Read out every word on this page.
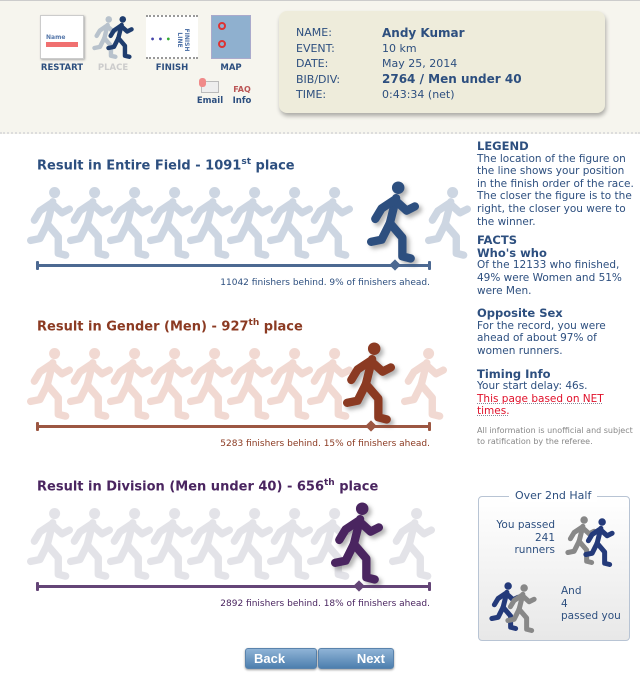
Name
RESTART	PLACE
• • •	FINISH LINE
FINISH	MAP
Email
FAQ
Info
NAME:	Andy Kumar
EVENT:	10 km
DATE:	May 25, 2014
BIB/DIV:	2764 / Men under 40
TIME:	0:43:34 (net)
Result in Entire Field - 1091st place
11042 finishers behind. 9% of finishers ahead.
Result in Gender (Men) - 927th place
5283 finishers behind. 15% of finishers ahead.
Result in Division (Men under 40) - 656th place
2892 finishers behind. 18% of finishers ahead.
LEGEND

The location of the figure on the line shows your position in the finish order of the race. The closer the figure is to the right, the closer you were to the winner.

FACTS
Who's who

Of the 12133 who finished, 49% were Women and 51% were Men.

Opposite Sex

For the record, you were ahead of about 97% of women runners.

Timing Info

Your start delay: 46s.

This page based on NET times.

All information is unofficial and subject to ratification by the referee.

Over 2nd Half
You passed
241
runners
And
4
passed you
Back	Next
